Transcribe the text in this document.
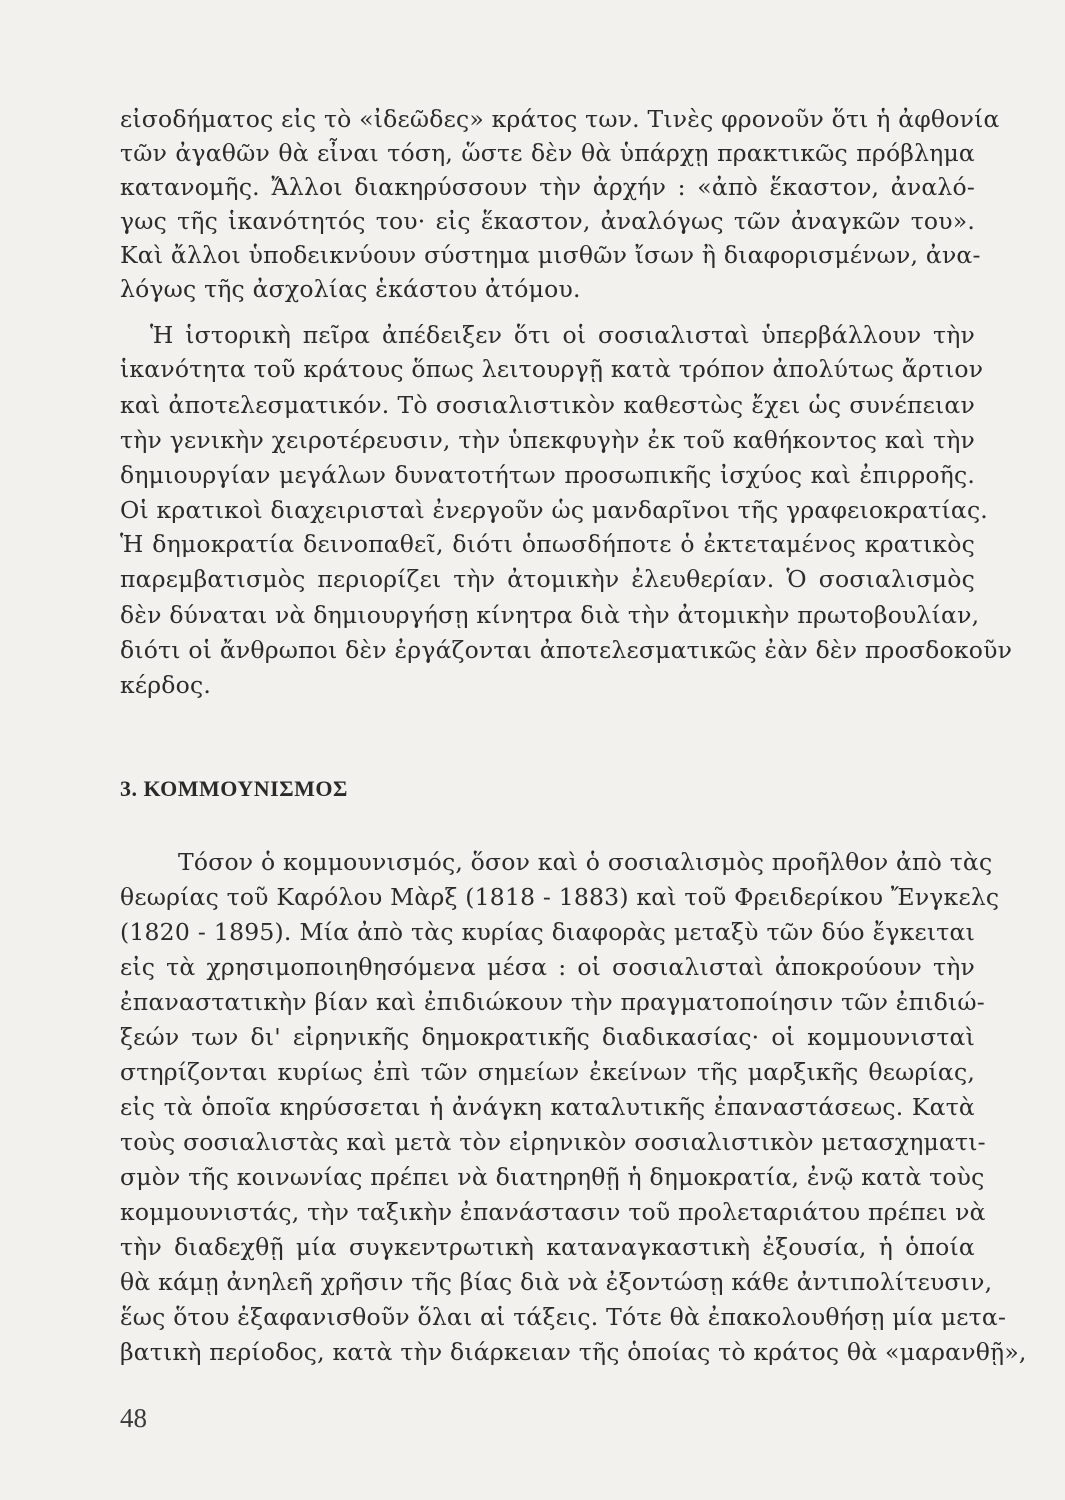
εἰσοδήματος εἰς τὸ «ἰδεῶδες» κράτος των. Τινὲς φρονοῦν ὅτι ἡ ἀφθονία
τῶν ἀγαθῶν θὰ εἶναι τόση, ὥστε δὲν θὰ ὑπάρχῃ πρακτικῶς πρόβλημα
κατανομῆς. Ἄλλοι διακηρύσσουν τὴν ἀρχήν : «ἀπὸ ἕκαστον, ἀναλό-
γως τῆς ἱκανότητός του· εἰς ἕκαστον, ἀναλόγως τῶν ἀναγκῶν του».
Καὶ ἄλλοι ὑποδεικνύουν σύστημα μισθῶν ἴσων ἢ διαφορισμένων, ἀνα-
λόγως τῆς ἀσχολίας ἑκάστου ἀτόμου.
Ἡ ἱστορικὴ πεῖρα ἀπέδειξεν ὅτι οἱ σοσιαλισταὶ ὑπερβάλλουν τὴν
ἱκανότητα τοῦ κράτους ὅπως λειτουργῇ κατὰ τρόπον ἀπολύτως ἄρτιον
καὶ ἀποτελεσματικόν. Τὸ σοσιαλιστικὸν καθεστὼς ἔχει ὡς συνέπειαν
τὴν γενικὴν χειροτέρευσιν, τὴν ὑπεκφυγὴν ἐκ τοῦ καθήκοντος καὶ τὴν
δημιουργίαν μεγάλων δυνατοτήτων προσωπικῆς ἰσχύος καὶ ἐπιρροῆς.
Οἱ κρατικοὶ διαχειρισταὶ ἐνεργοῦν ὡς μανδαρῖνοι τῆς γραφειοκρατίας.
Ἡ δημοκρατία δεινοπαθεῖ, διότι ὁπωσδήποτε ὁ ἐκτεταμένος κρατικὸς
παρεμβατισμὸς περιορίζει τὴν ἀτομικὴν ἐλευθερίαν. Ὁ σοσιαλισμὸς
δὲν δύναται νὰ δημιουργήσῃ κίνητρα διὰ τὴν ἀτομικὴν πρωτοβουλίαν,
διότι οἱ ἄνθρωποι δὲν ἐργάζονται ἀποτελεσματικῶς ἐὰν δὲν προσδοκοῦν
κέρδος.
3. ΚΟΜΜΟΥΝΙΣΜΟΣ
Τόσον ὁ κομμουνισμός, ὅσον καὶ ὁ σοσιαλισμὸς προῆλθον ἀπὸ τὰς
θεωρίας τοῦ Καρόλου Μὰρξ (1818 - 1883) καὶ τοῦ Φρειδερίκου Ἔνγκελς
(1820 - 1895). Μία ἀπὸ τὰς κυρίας διαφορὰς μεταξὺ τῶν δύο ἔγκειται
εἰς τὰ χρησιμοποιηθησόμενα μέσα : οἱ σοσιαλισταὶ ἀποκρούουν τὴν
ἐπαναστατικὴν βίαν καὶ ἐπιδιώκουν τὴν πραγματοποίησιν τῶν ἐπιδιώ-
ξεών των δι' εἰρηνικῆς δημοκρατικῆς διαδικασίας· οἱ κομμουνισταὶ
στηρίζονται κυρίως ἐπὶ τῶν σημείων ἐκείνων τῆς μαρξικῆς θεωρίας,
εἰς τὰ ὁποῖα κηρύσσεται ἡ ἀνάγκη καταλυτικῆς ἐπαναστάσεως. Κατὰ
τοὺς σοσιαλιστὰς καὶ μετὰ τὸν εἰρηνικὸν σοσιαλιστικὸν μετασχηματι-
σμὸν τῆς κοινωνίας πρέπει νὰ διατηρηθῇ ἡ δημοκρατία, ἐνῷ κατὰ τοὺς
κομμουνιστάς, τὴν ταξικὴν ἐπανάστασιν τοῦ προλεταριάτου πρέπει νὰ
τὴν διαδεχθῇ μία συγκεντρωτικὴ καταναγκαστικὴ ἐξουσία, ἡ ὁποία
θὰ κάμῃ ἀνηλεῆ χρῆσιν τῆς βίας διὰ νὰ ἐξοντώσῃ κάθε ἀντιπολίτευσιν,
ἕως ὅτου ἐξαφανισθοῦν ὅλαι αἱ τάξεις. Τότε θὰ ἐπακολουθήσῃ μία μετα-
βατικὴ περίοδος, κατὰ τὴν διάρκειαν τῆς ὁποίας τὸ κράτος θὰ «μαρανθῇ»,
48
